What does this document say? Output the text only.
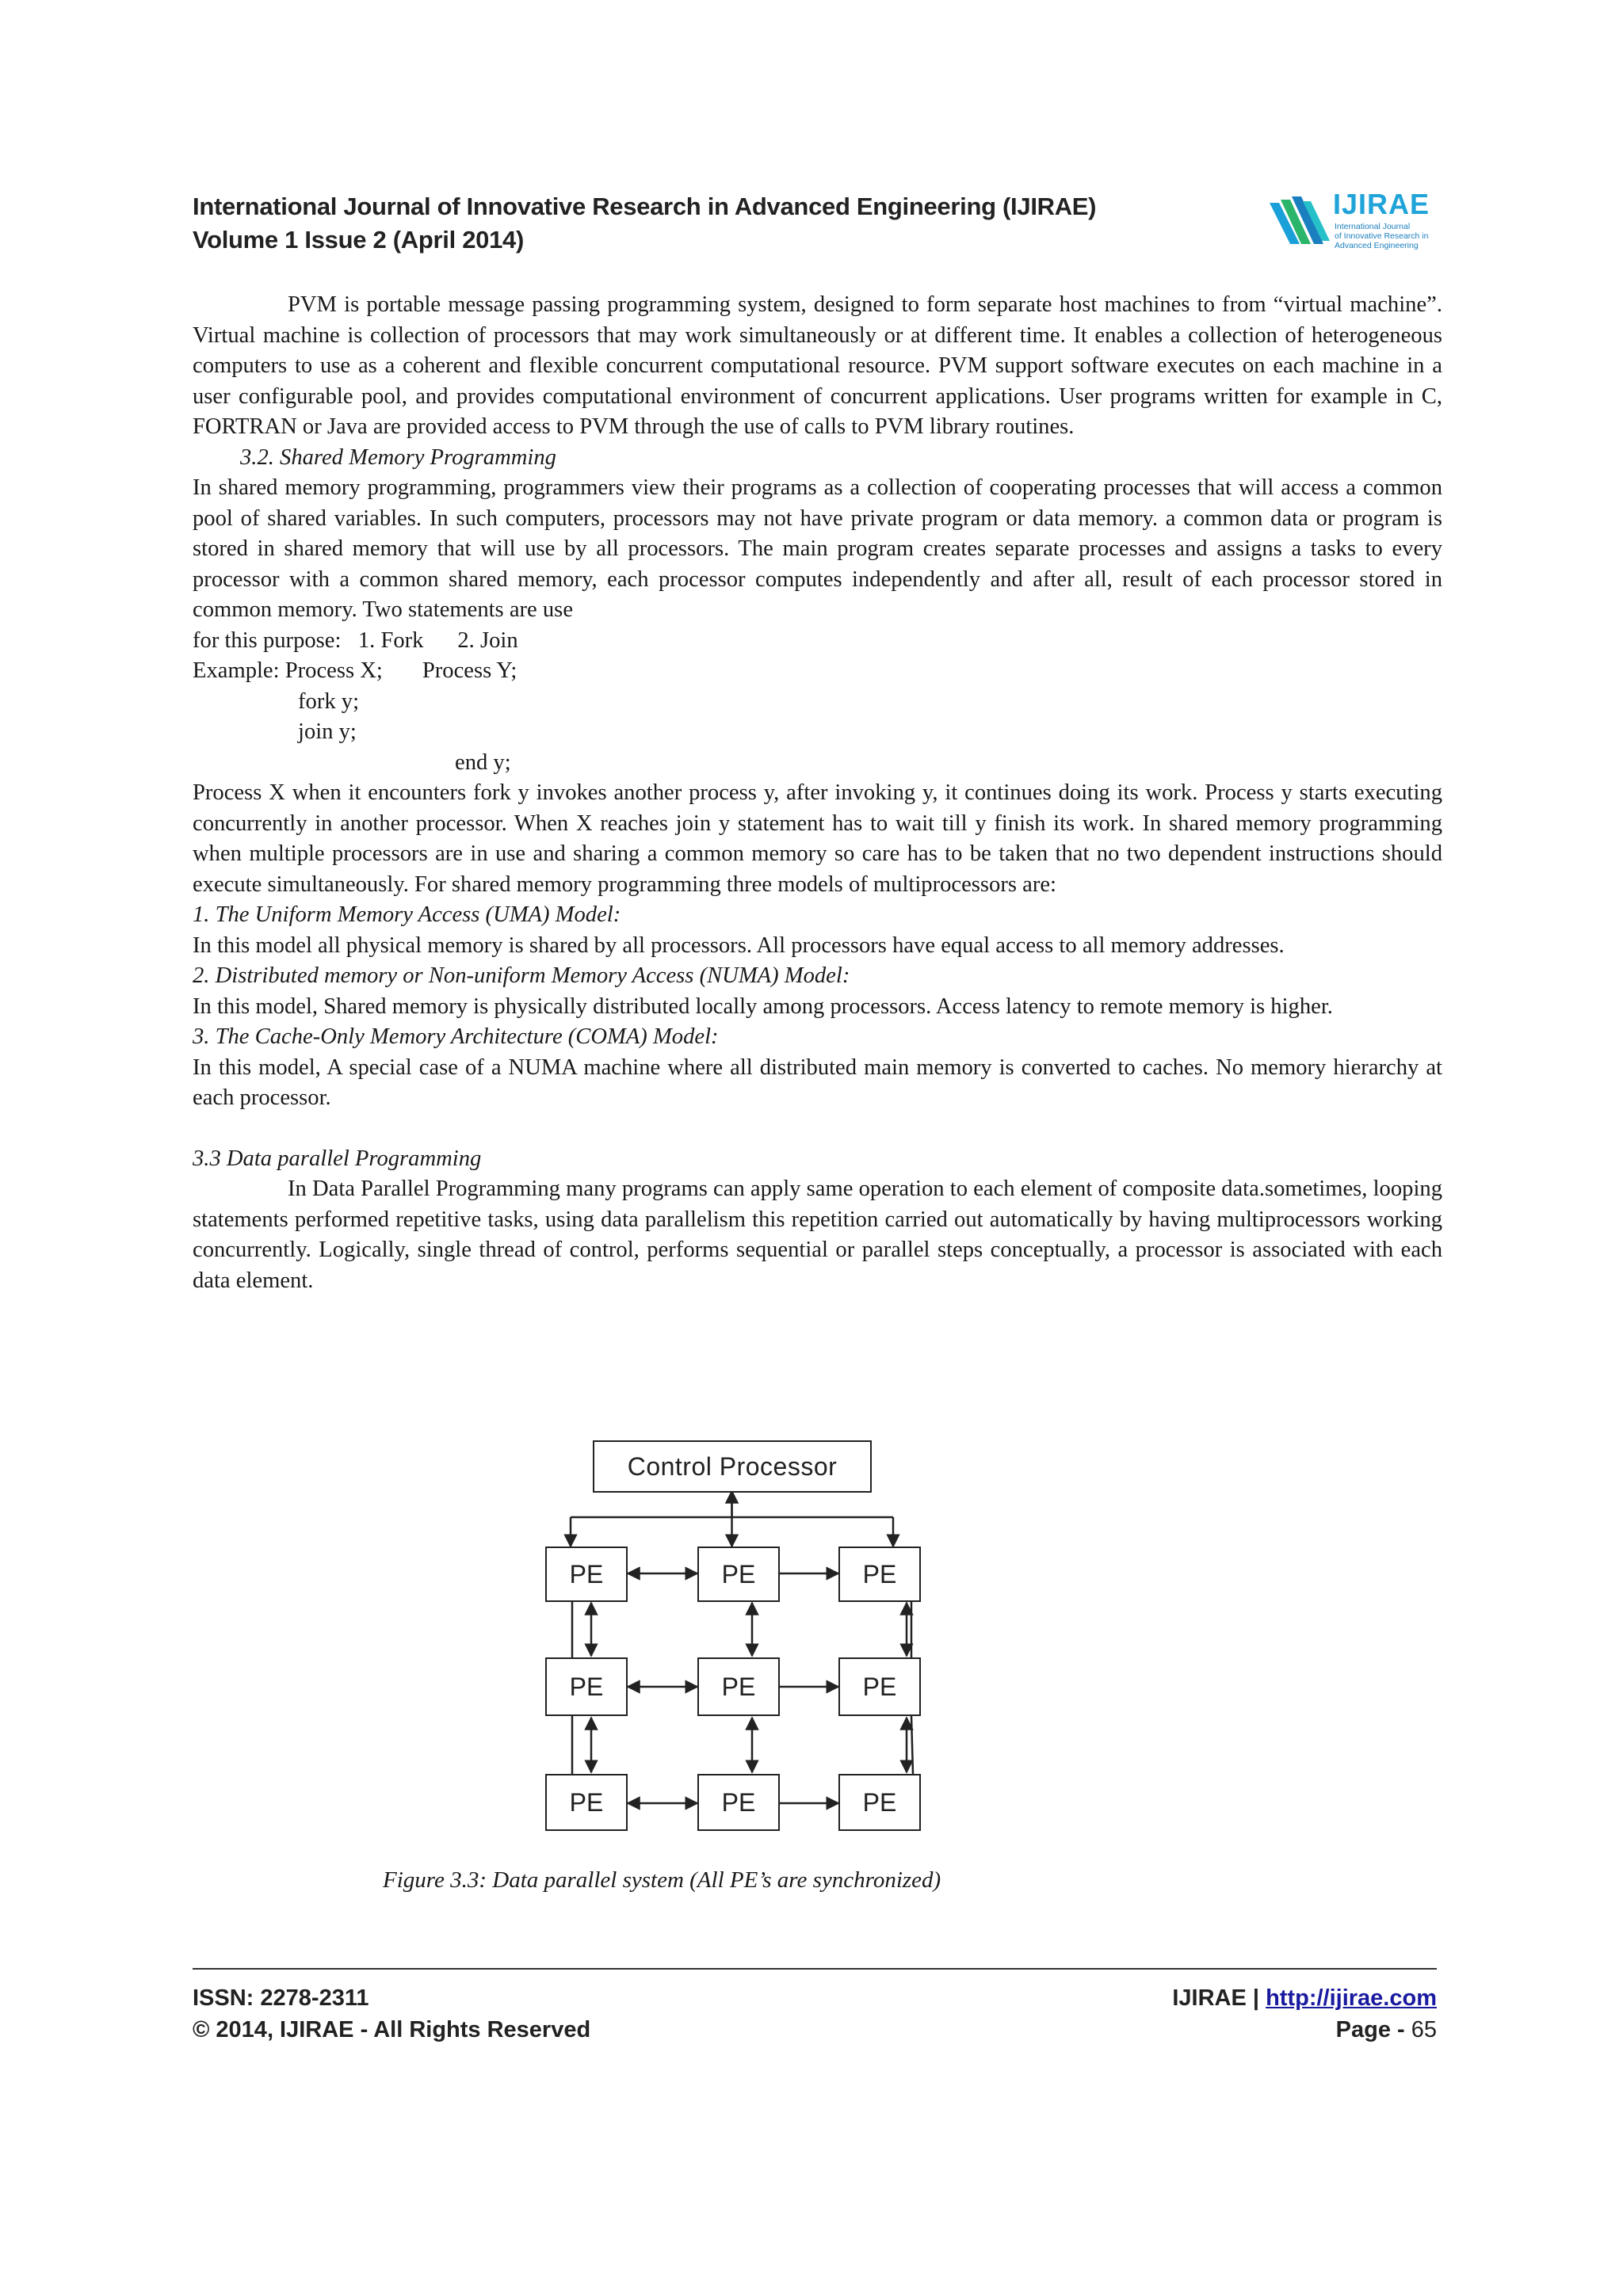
International Journal of Innovative Research in Advanced Engineering (IJIRAE)
Volume 1 Issue 2 (April 2014)
IJIRAE
International Journal
of Innovative Research in
Advanced Engineering

PVM is portable message passing programming system, designed to form separate host machines to from “virtual machine”. Virtual machine is collection of processors that may work simultaneously or at different time. It enables a collection of heterogeneous computers to use as a coherent and flexible concurrent computational resource. PVM support software executes on each machine in a user configurable pool, and provides computational environment of concurrent applications. User programs written for example in C, FORTRAN or Java are provided access to PVM through the use of calls to PVM library routines.

3.2. Shared Memory Programming

In shared memory programming, programmers view their programs as a collection of cooperating processes that will access a common pool of shared variables. In such computers, processors may not have private program or data memory. a common data or program is stored in shared memory that will use by all processors. The main program creates separate processes and assigns a tasks to every processor with a common shared memory, each processor computes independently and after all, result of each processor stored in common memory. Two statements are use

for this purpose:   1. Fork      2. Join

Example: Process X;       Process Y;

fork y;

join y;

end y;

Process X when it encounters fork y invokes another process y, after invoking y, it continues doing its work. Process y starts executing concurrently in another processor. When X reaches join y statement has to wait till y finish its work. In shared memory programming when multiple processors are in use and sharing a common memory so care has to be taken that no two dependent instructions should execute simultaneously. For shared memory programming three models of multiprocessors are:

1. The Uniform Memory Access (UMA) Model:

In this model all physical memory is shared by all processors. All processors have equal access to all memory addresses.

2. Distributed memory or Non-uniform Memory Access (NUMA) Model:

In this model, Shared memory is physically distributed locally among processors. Access latency to remote memory is higher.

3. The Cache-Only Memory Architecture (COMA) Model:

In this model, A special case of a NUMA machine where all distributed main memory is converted to caches. No memory hierarchy at each processor.

3.3 Data parallel Programming

In Data Parallel Programming many programs can apply same operation to each element of composite data.sometimes, looping statements performed repetitive tasks, using data parallelism this repetition carried out automatically by having multiprocessors working concurrently. Logically, single thread of control, performs sequential or parallel steps conceptually, a processor is associated with each data element.

Control Processor
PE	PE	PE
PE	PE	PE
PE	PE	PE
Figure 3.3: Data parallel system (All PE’s are synchronized)
IJIRAE | http://ijirae.com
ISSN: 2278-2311
Page - 65
© 2014, IJIRAE - All Rights Reserved
